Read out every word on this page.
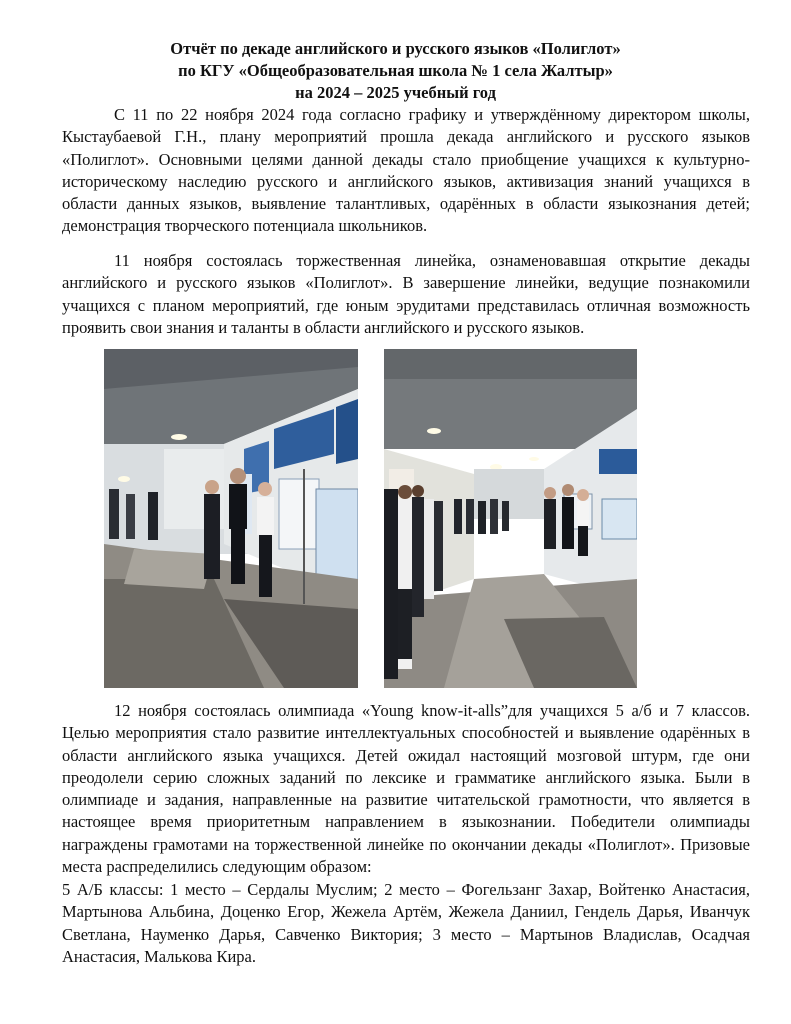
Отчёт по декаде английского и русского языков «Полиглот»
по КГУ «Общеобразовательная школа № 1 села Жалтыр»
на 2024 – 2025 учебный год

С 11 по 22 ноября 2024 года согласно графику и утверждённому директором школы, Кыстаубаевой Г.Н., плану мероприятий прошла декада английского и русского языков «Полиглот». Основными целями данной декады стало приобщение учащихся к культурно-историческому наследию русского и английского языков, активизация знаний учащихся в области данных языков, выявление талантливых, одарённых в области языкознания детей; демонстрация творческого потенциала школьников.

11 ноября состоялась торжественная линейка, ознаменовавшая открытие декады английского и русского языков «Полиглот». В завершение линейки, ведущие познакомили учащихся с планом мероприятий, где юным эрудитами представилась отличная возможность проявить свои знания и таланты в области английского и русского языков.

12 ноября состоялась олимпиада «Young know-it-alls”для учащихся 5 а/б и 7 классов. Целью мероприятия стало развитие интеллектуальных способностей и выявление одарённых в области английского языка учащихся. Детей ожидал настоящий мозговой штурм, где они преодолели серию сложных заданий по лексике и грамматике английского языка. Были в олимпиаде и задания, направленные на развитие читательской грамотности, что является в настоящее время приоритетным направлением в языкознании. Победители олимпиады награждены грамотами на торжественной линейке по окончании декады «Полиглот». Призовые места распределились следующим образом:

5 А/Б классы: 1 место – Сердалы Муслим; 2 место – Фогельзанг Захар, Войтенко Анастасия, Мартынова Альбина, Доценко Егор, Жежела Артём, Жежела Даниил, Гендель Дарья, Иванчук Светлана, Науменко Дарья, Савченко Виктория; 3 место – Мартынов Владислав, Осадчая Анастасия, Малькова Кира.
